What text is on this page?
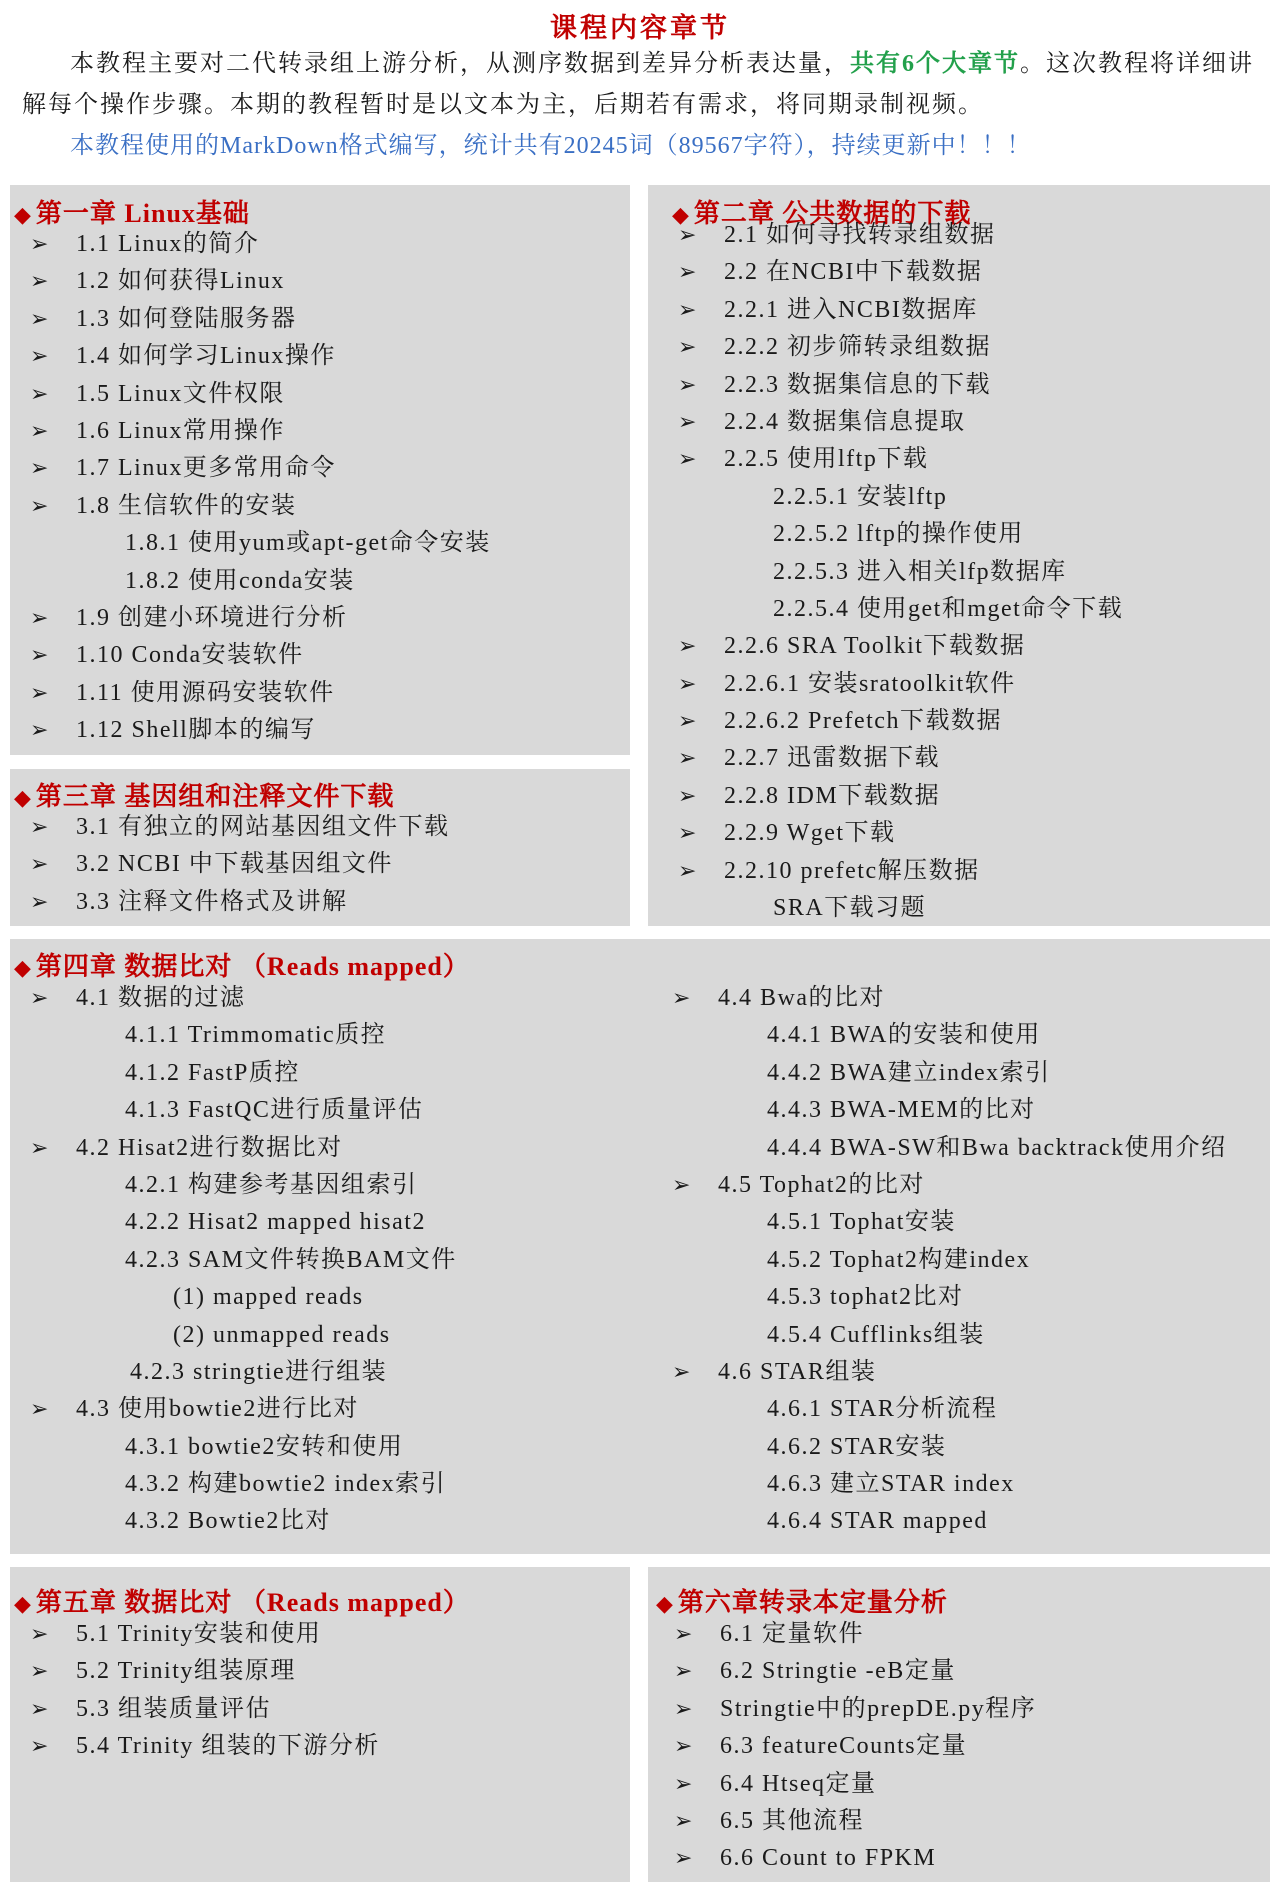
课程内容章节

本教程主要对二代转录组上游分析，从测序数据到差异分析表达量，共有6个大章节。这次教程将详细讲解每个操作步骤。本期的教程暂时是以文本为主，后期若有需求，将同期录制视频。

本教程使用的MarkDown格式编写，统计共有20245词（89567字符），持续更新中！！！

◆ 第一章 Linux基础
➢ 1.1 Linux的简介
➢ 1.2 如何获得Linux
➢ 1.3 如何登陆服务器
➢ 1.4 如何学习Linux操作
➢ 1.5 Linux文件权限
➢ 1.6 Linux常用操作
➢ 1.7 Linux更多常用命令
➢ 1.8 生信软件的安装
1.8.1 使用yum或apt-get命令安装
1.8.2 使用conda安装
➢ 1.9 创建小环境进行分析
➢ 1.10 Conda安装软件
➢ 1.11 使用源码安装软件
➢ 1.12 Shell脚本的编写
◆ 第二章 公共数据的下载
➢ 2.1 如何寻找转录组数据
➢ 2.2 在NCBI中下载数据
➢ 2.2.1 进入NCBI数据库
➢ 2.2.2 初步筛转录组数据
➢ 2.2.3 数据集信息的下载
➢ 2.2.4 数据集信息提取
➢ 2.2.5 使用lftp下载
2.2.5.1 安装lftp
2.2.5.2 lftp的操作使用
2.2.5.3 进入相关lfp数据库
2.2.5.4 使用get和mget命令下载
➢ 2.2.6 SRA Toolkit下载数据
➢ 2.2.6.1 安装sratoolkit软件
➢ 2.2.6.2 Prefetch下载数据
➢ 2.2.7 迅雷数据下载
➢ 2.2.8 IDM下载数据
➢ 2.2.9 Wget下载
➢ 2.2.10 prefetc解压数据
SRA下载习题
◆ 第三章 基因组和注释文件下载
➢ 3.1 有独立的网站基因组文件下载
➢ 3.2 NCBI 中下载基因组文件
➢ 3.3 注释文件格式及讲解
◆ 第四章 数据比对 （Reads mapped）
➢ 4.1 数据的过滤
4.1.1 Trimmomatic质控
4.1.2 FastP质控
4.1.3 FastQC进行质量评估
➢ 4.2 Hisat2进行数据比对
4.2.1 构建参考基因组索引
4.2.2 Hisat2 mapped hisat2
4.2.3 SAM文件转换BAM文件
(1) mapped reads
(2) unmapped reads
4.2.3 stringtie进行组装
➢ 4.3 使用bowtie2进行比对
4.3.1 bowtie2安转和使用
4.3.2 构建bowtie2 index索引
4.3.2 Bowtie2比对
➢ 4.4 Bwa的比对
4.4.1 BWA的安装和使用
4.4.2 BWA建立index索引
4.4.3 BWA-MEM的比对
4.4.4 BWA-SW和Bwa backtrack使用介绍
➢ 4.5 Tophat2的比对
4.5.1 Tophat安装
4.5.2 Tophat2构建index
4.5.3 tophat2比对
4.5.4 Cufflinks组装
➢ 4.6 STAR组装
4.6.1 STAR分析流程
4.6.2 STAR安装
4.6.3 建立STAR index
4.6.4 STAR mapped
◆ 第五章 数据比对 （Reads mapped）
➢ 5.1 Trinity安装和使用
➢ 5.2 Trinity组装原理
➢ 5.3 组装质量评估
➢ 5.4 Trinity 组装的下游分析
◆ 第六章转录本定量分析
➢ 6.1 定量软件
➢ 6.2 Stringtie -eB定量
➢ Stringtie中的prepDE.py程序
➢ 6.3 featureCounts定量
➢ 6.4 Htseq定量
➢ 6.5 其他流程
➢ 6.6 Count to FPKM
